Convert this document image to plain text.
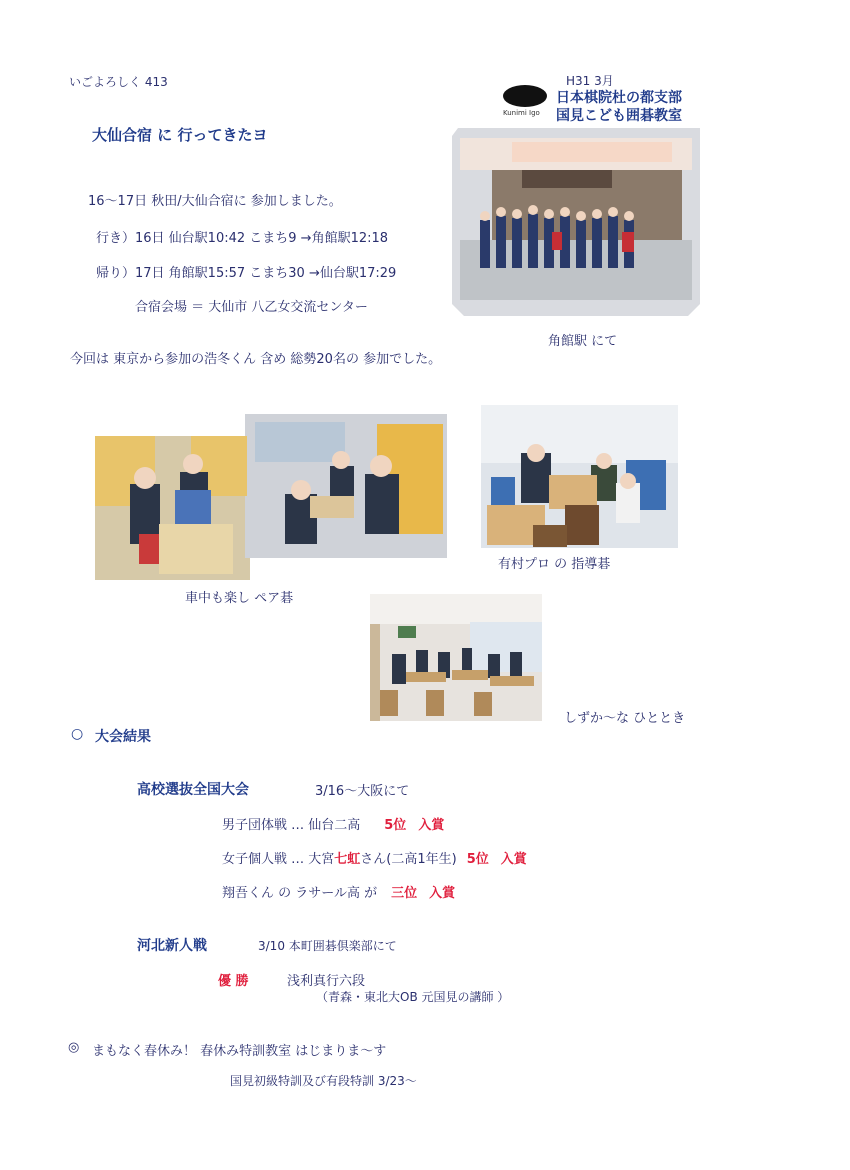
いごよろしく 413	H31 3月
Kunimi Igo
日本棋院杜の都支部
国見こども囲碁教室
大仙合宿 に 行ってきたヨ
16～17日 秋田/大仙合宿に 参加しました。
行き）16日 仙台駅10:42 こまち9 →角館駅12:18
帰り）17日 角館駅15:57 こまち30 →仙台駅17:29
合宿会場 ＝ 大仙市 八乙女交流センター
今回は 東京から参加の浩冬くん 含め 総勢20名の 参加でした。
角館駅 にて
車中も楽し ペア碁
有村プロ の 指導碁
しずか～な ひととき
○ 大会結果
高校選抜全国大会	3/16～大阪にて
男子団体戦 … 仙台二高 5位 入賞
女子個人戦 … 大宮七虹さん(二高1年生) 5位 入賞
翔吾くん の ラサール高 が 三位 入賞
河北新人戦	3/10 本町囲碁倶楽部にて
優 勝	浅利真行六段
（青森・東北大OB 元国見の講師 ）
◎ まもなく春休み！ 春休み特訓教室 はじまりま～す
国見初級特訓及び有段特訓 3/23～
